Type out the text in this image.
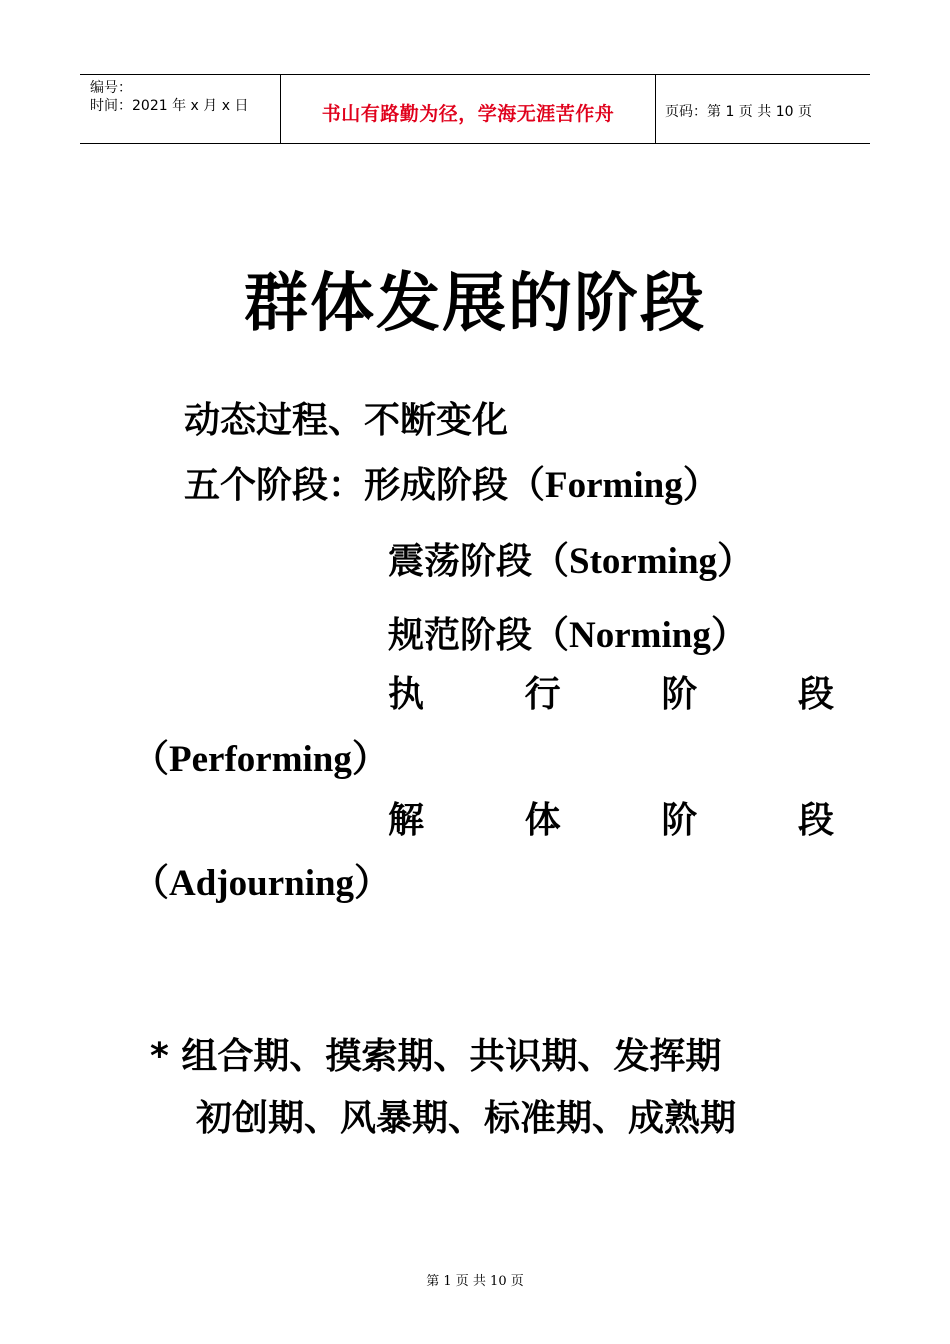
编号：
时间：2021 年 x 月 x 日	书山有路勤为径，学海无涯苦作舟	页码：第 1 页 共 10 页
群体发展的阶段
动态过程、不断变化
五个阶段：形成阶段（Forming）
震荡阶段（Storming）
规范阶段（Norming）
执	行	阶	段
（Performing）
解	体	阶	段
（Adjourning）
* 组合期、摸索期、共识期、发挥期
初创期、风暴期、标准期、成熟期
第 1 页 共 10 页
